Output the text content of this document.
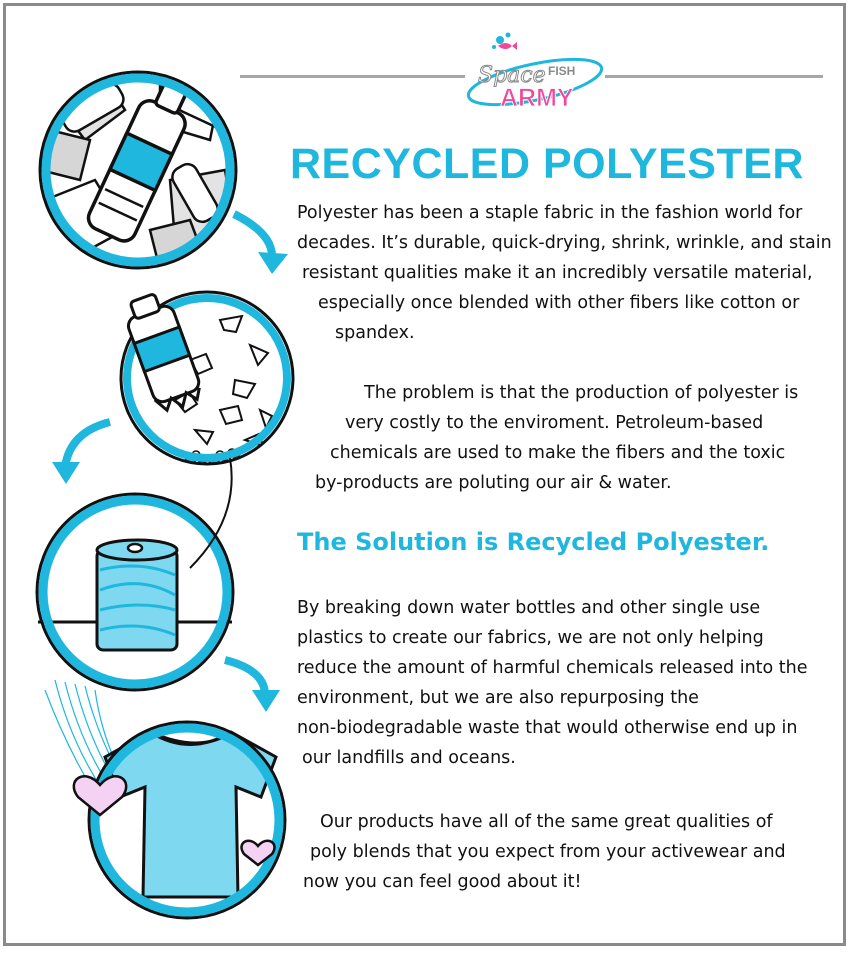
Space FISH
ARMY
RECYCLED POLYESTER

Polyester has been a staple fabric in the fashion world for
decades. It’s durable, quick-drying, shrink, wrinkle, and stain
resistant qualities make it an incredibly versatile material,
especially once blended with other fibers like cotton or
spandex.

The problem is that the production of polyester is
very costly to the enviroment. Petroleum-based
chemicals are used to make the fibers and the toxic
by-products are poluting our air & water.

The Solution is Recycled Polyester.

By breaking down water bottles and other single use
plastics to create our fabrics, we are not only helping
reduce the amount of harmful chemicals released into the
environment, but we are also repurposing the
non-biodegradable waste that would otherwise end up in
our landfills and oceans.

Our products have all of the same great qualities of
poly blends that you expect from your activewear and
now you can feel good about it!
